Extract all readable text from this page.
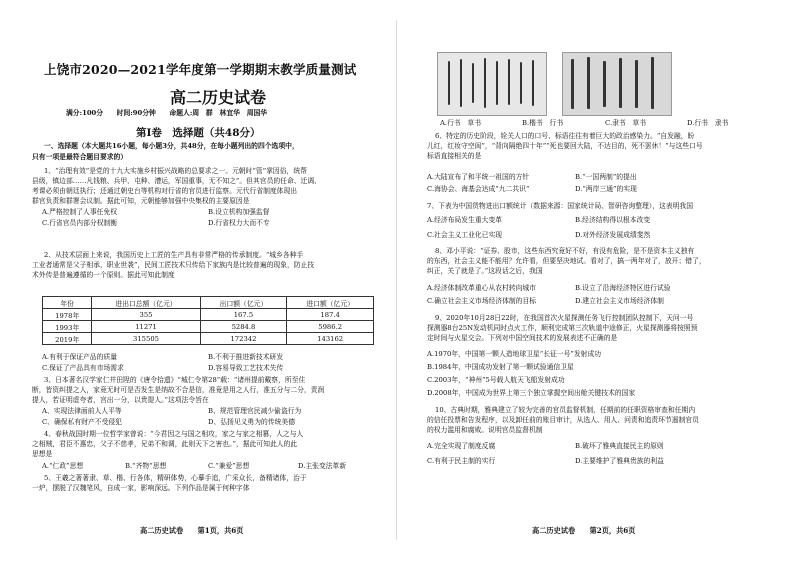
上饶市2020—2021学年度第一学期期末教学质量测试
高二历史试卷
满分:100分　　时间:90分钟　　命题人:周　群　林宜华　周国华
第Ⅰ卷　选择题（共48分）
一、选择题（本大题共16小题，每小题3分，共48分，在每小题列出的四个选项中，
只有一项是最符合题目要求的）
1、“治理有效”是党的十九大实施乡村振兴战略的总要求之一。元朝时“管”掌因俗，统帮
县级，镇边部……凡钱粮、兵甲、屯种、漕运，军国重事，无不知之”。但其官员的任命、迁调、
考课必须由朝廷执行；还通过朝史台等机构对行省的官员进行监察。元代行省制度体现出
群官负责和群署会议制。据此可知，元朝能够加强中央集权的主要原因是
A.严格控制了人事任免权	B.设立机构加强监督
C.行省官员内部分权制衡	D.行省权力大而不专
2、从技术层面上来说，我国历史上工匠的生产具有非常严格的传承制度。“城乡各种手
工业者通常是父子相承，职业世袭”，民间工匠技术只传给下家族内是比较普遍的现象，防止技
术外传是普遍遵循的一个原则。据此可知此制度
年份	进出口总额（亿元）	出口额（亿元）	进口额（亿元）
1978年	355	167.5	187.4
1993年	11271	5284.8	5986.2
2019年	315505	172342	143162
A.有利于保证产品的质量	B.不利于推进新技术研发
C.保证了产品具有市场需求	D.容易导致工艺技术失传
3、日本著名汉学家仁井田陞的《唐令拾遗》“城仁令第28”载：“诸州提前戴察，所至住
断，皆资纠提之人，家竟无时可是否发生是纳故不合是信，准竟是用之人行，准五分与二分，责润
提人，若证明虚夸者，宫出一分，以贵提人。”这项法令旨在
A、实现法律面前人人平等	B、规范管理官民减少偷盗行为
C、确保私有财产不受侵犯	D、弘扬见义勇为的传统美德
4、春秋战国时期一位哲学家曾说：“今君因之与国之相攻，家之与家之相篡，人之与人
之相贼，君臣不惠忠，父子不慈孝，兄弟不和调，此则天下之害也。”，据此可知此人的此
思想是
A.“仁政”思想	B.“齐物”思想	C.“兼爱”思想	D.主张变法革新
5、王羲之著著隶、草、楷、行各体，精研体势，心摹手追，广采众长，备精诸体，治于
一炉，摆脱了汉魏笔风，自成一家，影响深远。下列作品是属于何种字体
高二历史试卷　　第1页，共6页
A.行书　草书	B.楷书　行书	C.隶书　草书	D.行书　隶书
6、特定的历史阶段，铨关人口的口号、标语往往有着巨大的政治感染力。“自发融，盼
儿红，红妆守空闺”，“背向隔绝四十年”“死也要回大陆，不达目的，死不罢休！”与这些口号
标语直接相关的是
A.大陆宣布了和平统一祖国的方针	B.“一国两制”的提出
C.海协会、海基会达成“九二共识”	D.“两岸三通”的实现
7、下表为中国货物进出口额统计（数据来源：国家统计局、智研咨询整理），这表明我国
A.经济布局发生重大变革	B.经济结构得以根本改变
C.社会主义工业化已实现	D.对外经济发展成绩斐然
8、邓小平说：“证券、股市，这些东西究竟好不好，有没有危险，是不是资本主义独有
的东西，社会主义能不能用？允许看，但要坚决地试。看对了，搞一两年对了，放开；错了，
纠正，关了就是了。”这段话之后，我国
A.经济体制改革重心从农村转向城市	B.设立了沿海经济特区进行试验
C.确立社会主义市场经济体制的目标	D.建立社会主义市场经济体制
9、2020年10月28日22时，在我国首次火星探测任务飞行控制团队控制下，天问一号
探测器8台25N发动机同时点火工作，顺利完成第三次轨道中途修正，火星探测器将按照预
定时间与火星交会。下列对中国空间技术的发展表述不正确的是
A.1970年，中国第一颗人造地球卫星“长征一号”发射成功
B.1984年，中国成功发射了第一颗试验通信卫星
C.2003年，“神州”5号载人航天飞船发射成功
D.2008年，中国成为世界上第三个独立掌握空间出舱关键技术的国家
10、古典时期，雅典建立了较为完善的官员监督机制，任期前的任职资格审查和任期内
的信任投票和告发程序，以及卸任前的账目审计，从选人、用人、问责和追责环节遏制官员
的权力滥用和腐败。说明官员监督机制
A.完全实现了制度反腐	B.破坏了雅典直接民主的原则
C.有利于民主制的实行	D.主要维护了雅典贵族的利益
高二历史试卷　　第2页，共6页
